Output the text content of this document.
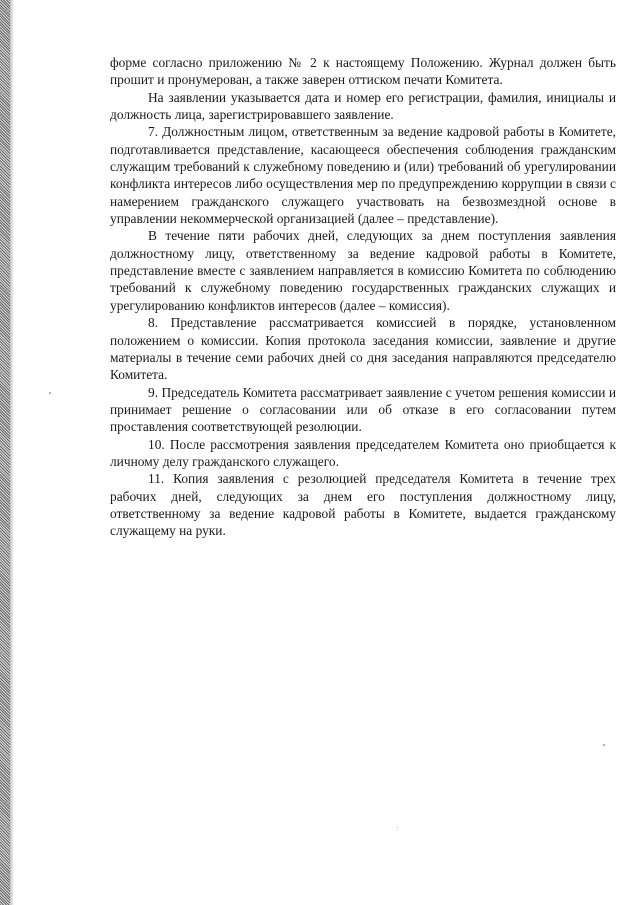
форме согласно приложению № 2 к настоящему Положению. Журнал должен быть прошит и пронумерован, а также заверен оттиском печати Комитета.

На заявлении указывается дата и номер его регистрации, фамилия, инициалы и должность лица, зарегистрировавшего заявление.

7. Должностным лицом, ответственным за ведение кадровой работы в Комитете, подготавливается представление, касающееся обеспечения соблюдения гражданским служащим требований к служебному поведению и (или) требований об урегулировании конфликта интересов либо осуществления мер по предупреждению коррупции в связи с намерением гражданского служащего участвовать на безвозмездной основе в управлении некоммерческой организацией (далее – представление).

В течение пяти рабочих дней, следующих за днем поступления заявления должностному лицу, ответственному за ведение кадровой работы в Комитете, представление вместе с заявлением направляется в комиссию Комитета по соблюдению требований к служебному поведению государственных гражданских служащих и урегулированию конфликтов интересов (далее – комиссия).

8. Представление рассматривается комиссией в порядке, установленном положением о комиссии. Копия протокола заседания комиссии, заявление и другие материалы в течение семи рабочих дней со дня заседания направляются председателю Комитета.

9. Председатель Комитета рассматривает заявление с учетом решения комиссии и принимает решение о согласовании или об отказе в его согласовании путем проставления соответствующей резолюции.

10. После рассмотрения заявления председателем Комитета оно приобщается к личному делу гражданского служащего.

11. Копия заявления с резолюцией председателя Комитета в течение трех рабочих дней, следующих за днем его поступления должностному лицу, ответственному за ведение кадровой работы в Комитете, выдается гражданскому служащему на руки.
